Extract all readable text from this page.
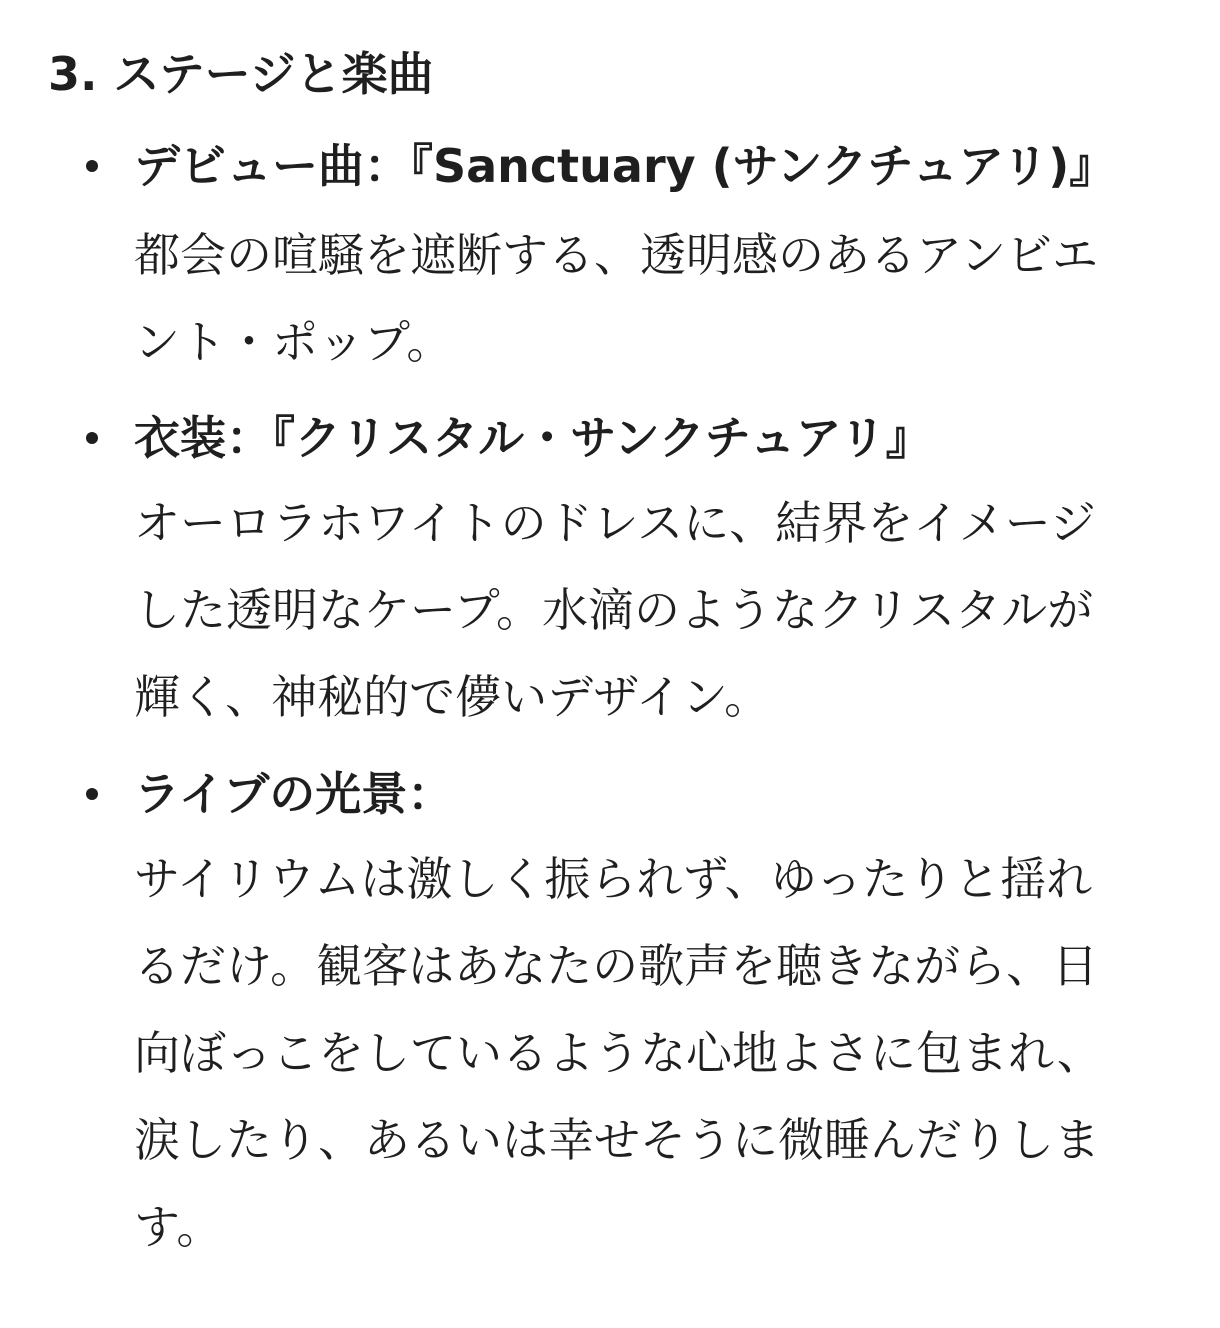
3. ステージと楽曲

デビュー曲：『Sanctuary (サンクチュアリ)』

都会の喧騒を遮断する、透明感のあるアンビエ
ント・ポップ。

衣装：『クリスタル・サンクチュアリ』

オーロラホワイトのドレスに、結界をイメージ
した透明なケープ。水滴のようなクリスタルが
輝く、神秘的で儚いデザイン。

ライブの光景：

サイリウムは激しく振られず、ゆったりと揺れ
るだけ。観客はあなたの歌声を聴きながら、日
向ぼっこをしているような心地よさに包まれ、
涙したり、あるいは幸せそうに微睡んだりしま
す。
